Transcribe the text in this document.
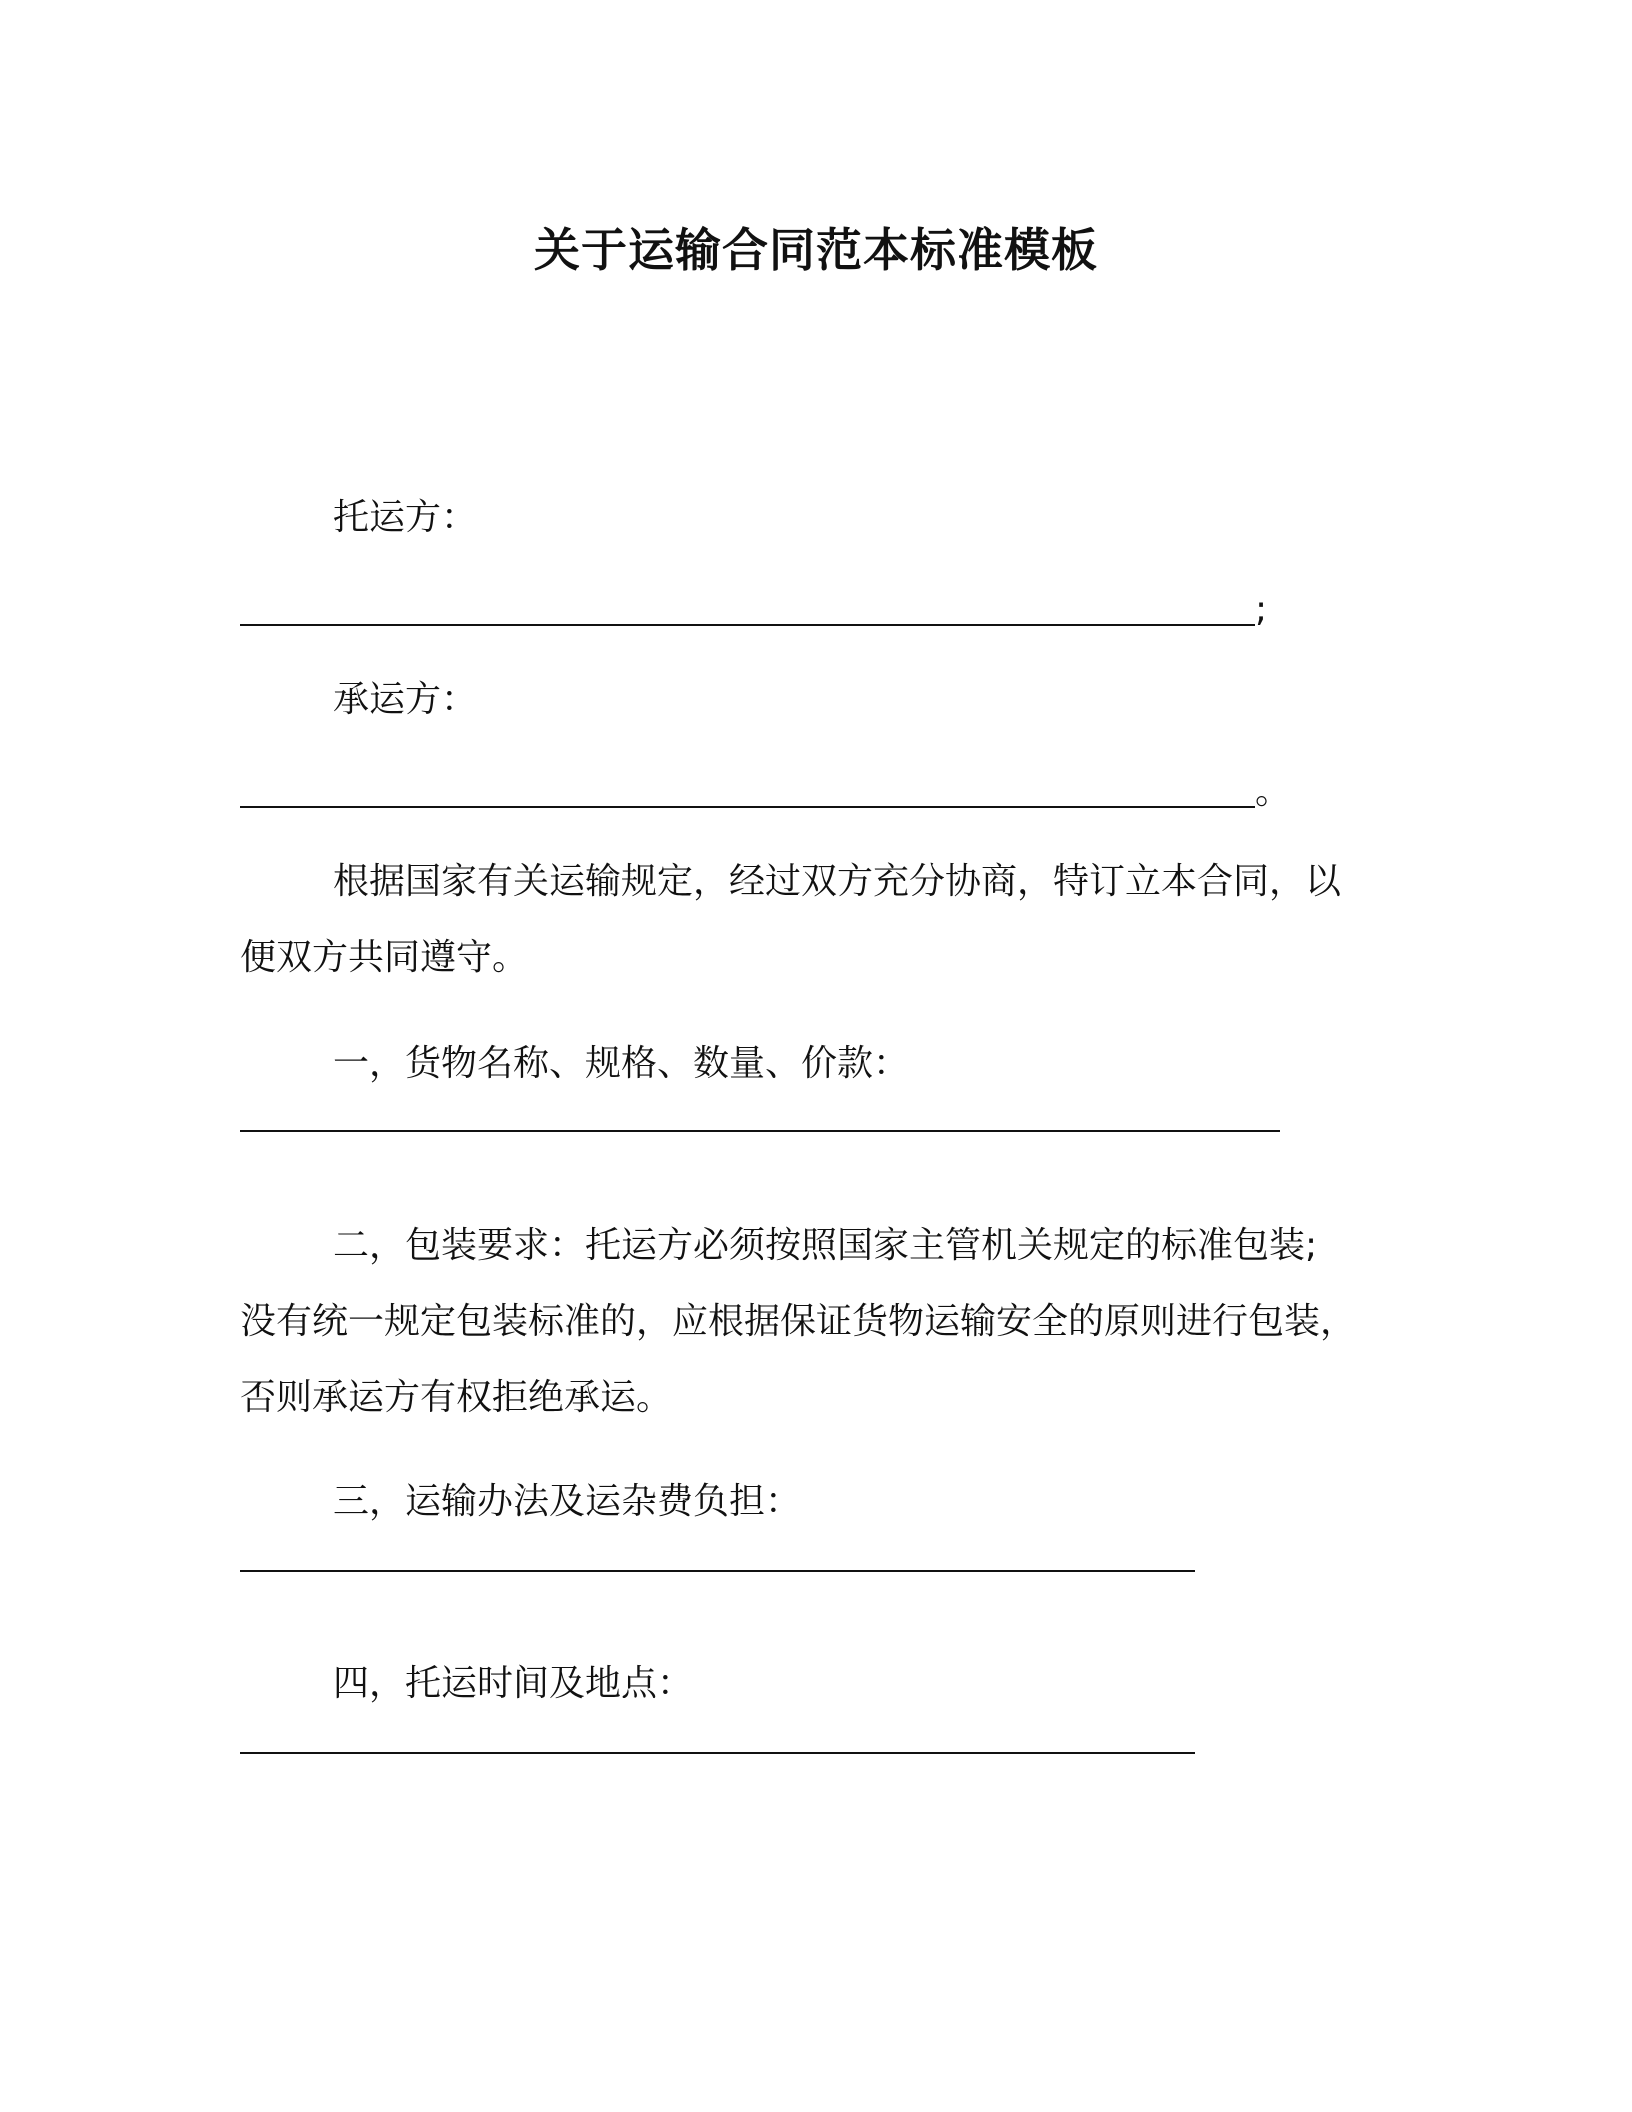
关于运输合同范本标准模板
托运方：
;
承运方：
。
根据国家有关运输规定，经过双方充分协商，特订立本合同，以
便双方共同遵守。
一，货物名称、规格、数量、价款：
二，包装要求：托运方必须按照国家主管机关规定的标准包装;
没有统一规定包装标准的，应根据保证货物运输安全的原则进行包装，
否则承运方有权拒绝承运。
三，运输办法及运杂费负担：
四，托运时间及地点：
